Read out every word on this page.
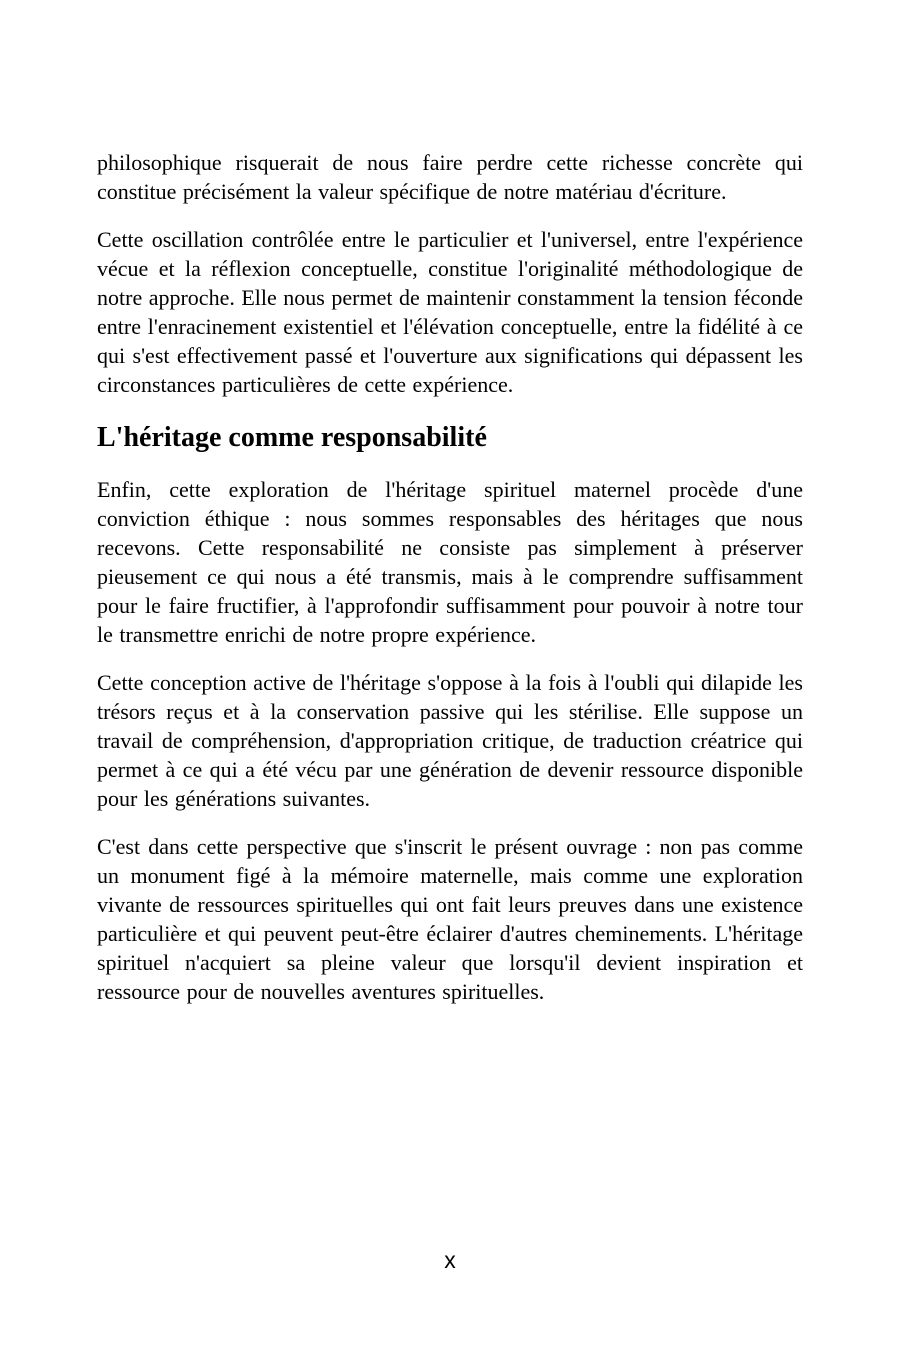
philosophique risquerait de nous faire perdre cette richesse concrète qui constitue précisément la valeur spécifique de notre matériau d'écriture.

Cette oscillation contrôlée entre le particulier et l'universel, entre l'expérience vécue et la réflexion conceptuelle, constitue l'originalité méthodologique de notre approche. Elle nous permet de maintenir constamment la tension féconde entre l'enracinement existentiel et l'élévation conceptuelle, entre la fidélité à ce qui s'est effectivement passé et l'ouverture aux significations qui dépassent les circonstances particulières de cette expérience.

L'héritage comme responsabilité

Enfin, cette exploration de l'héritage spirituel maternel procède d'une conviction éthique : nous sommes responsables des héritages que nous recevons. Cette responsabilité ne consiste pas simplement à préserver pieusement ce qui nous a été transmis, mais à le comprendre suffisamment pour le faire fructifier, à l'approfondir suffisamment pour pouvoir à notre tour le transmettre enrichi de notre propre expérience.

Cette conception active de l'héritage s'oppose à la fois à l'oubli qui dilapide les trésors reçus et à la conservation passive qui les stérilise. Elle suppose un travail de compréhension, d'appropriation critique, de traduction créatrice qui permet à ce qui a été vécu par une génération de devenir ressource disponible pour les générations suivantes.

C'est dans cette perspective que s'inscrit le présent ouvrage : non pas comme un monument figé à la mémoire maternelle, mais comme une exploration vivante de ressources spirituelles qui ont fait leurs preuves dans une existence particulière et qui peuvent peut-être éclairer d'autres cheminements. L'héritage spirituel n'acquiert sa pleine valeur que lorsqu'il devient inspiration et ressource pour de nouvelles aventures spirituelles.

x
